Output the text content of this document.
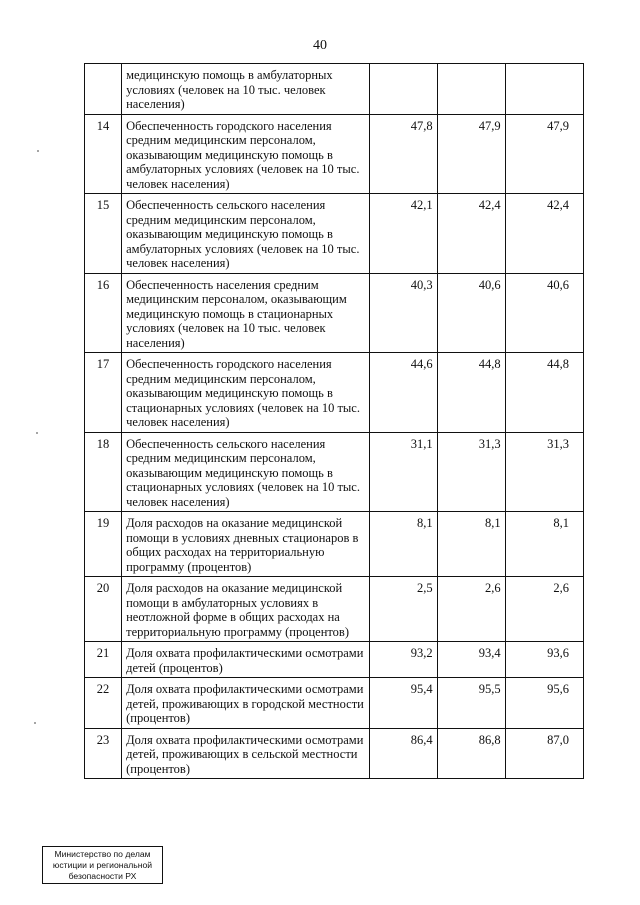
40
	медицинскую помощь в амбулаторных условиях (человек на 10 тыс. человек населения)			
14	Обеспеченность городского населения средним медицинским персоналом, оказывающим медицинскую помощь в амбулаторных условиях (человек на 10 тыс. человек населения)	47,8	47,9	47,9
15	Обеспеченность сельского населения средним медицинским персоналом, оказывающим медицинскую помощь в амбулаторных условиях (человек на 10 тыс. человек населения)	42,1	42,4	42,4
16	Обеспеченность населения средним медицинским персоналом, оказывающим медицинскую помощь в стационарных условиях (человек на 10 тыс. человек населения)	40,3	40,6	40,6
17	Обеспеченность городского населения средним медицинским персоналом, оказывающим медицинскую помощь в стационарных условиях (человек на 10 тыс. человек населения)	44,6	44,8	44,8
18	Обеспеченность сельского населения средним медицинским персоналом, оказывающим медицинскую помощь в стационарных условиях (человек на 10 тыс. человек населения)	31,1	31,3	31,3
19	Доля расходов на оказание медицинской помощи в условиях дневных стационаров в общих расходах на территориальную программу (процентов)	8,1	8,1	8,1
20	Доля расходов на оказание медицинской помощи в амбулаторных условиях в неотложной форме в общих расходах на территориальную программу (процентов)	2,5	2,6	2,6
21	Доля охвата профилактическими осмотрами детей (процентов)	93,2	93,4	93,6
22	Доля охвата профилактическими осмотрами детей, проживающих в городской местности (процентов)	95,4	95,5	95,6
23	Доля охвата профилактическими осмотрами детей, проживающих в сельской местности (процентов)	86,4	86,8	87,0
Министерство по делам
юстиции и региональной
безопасности РХ
